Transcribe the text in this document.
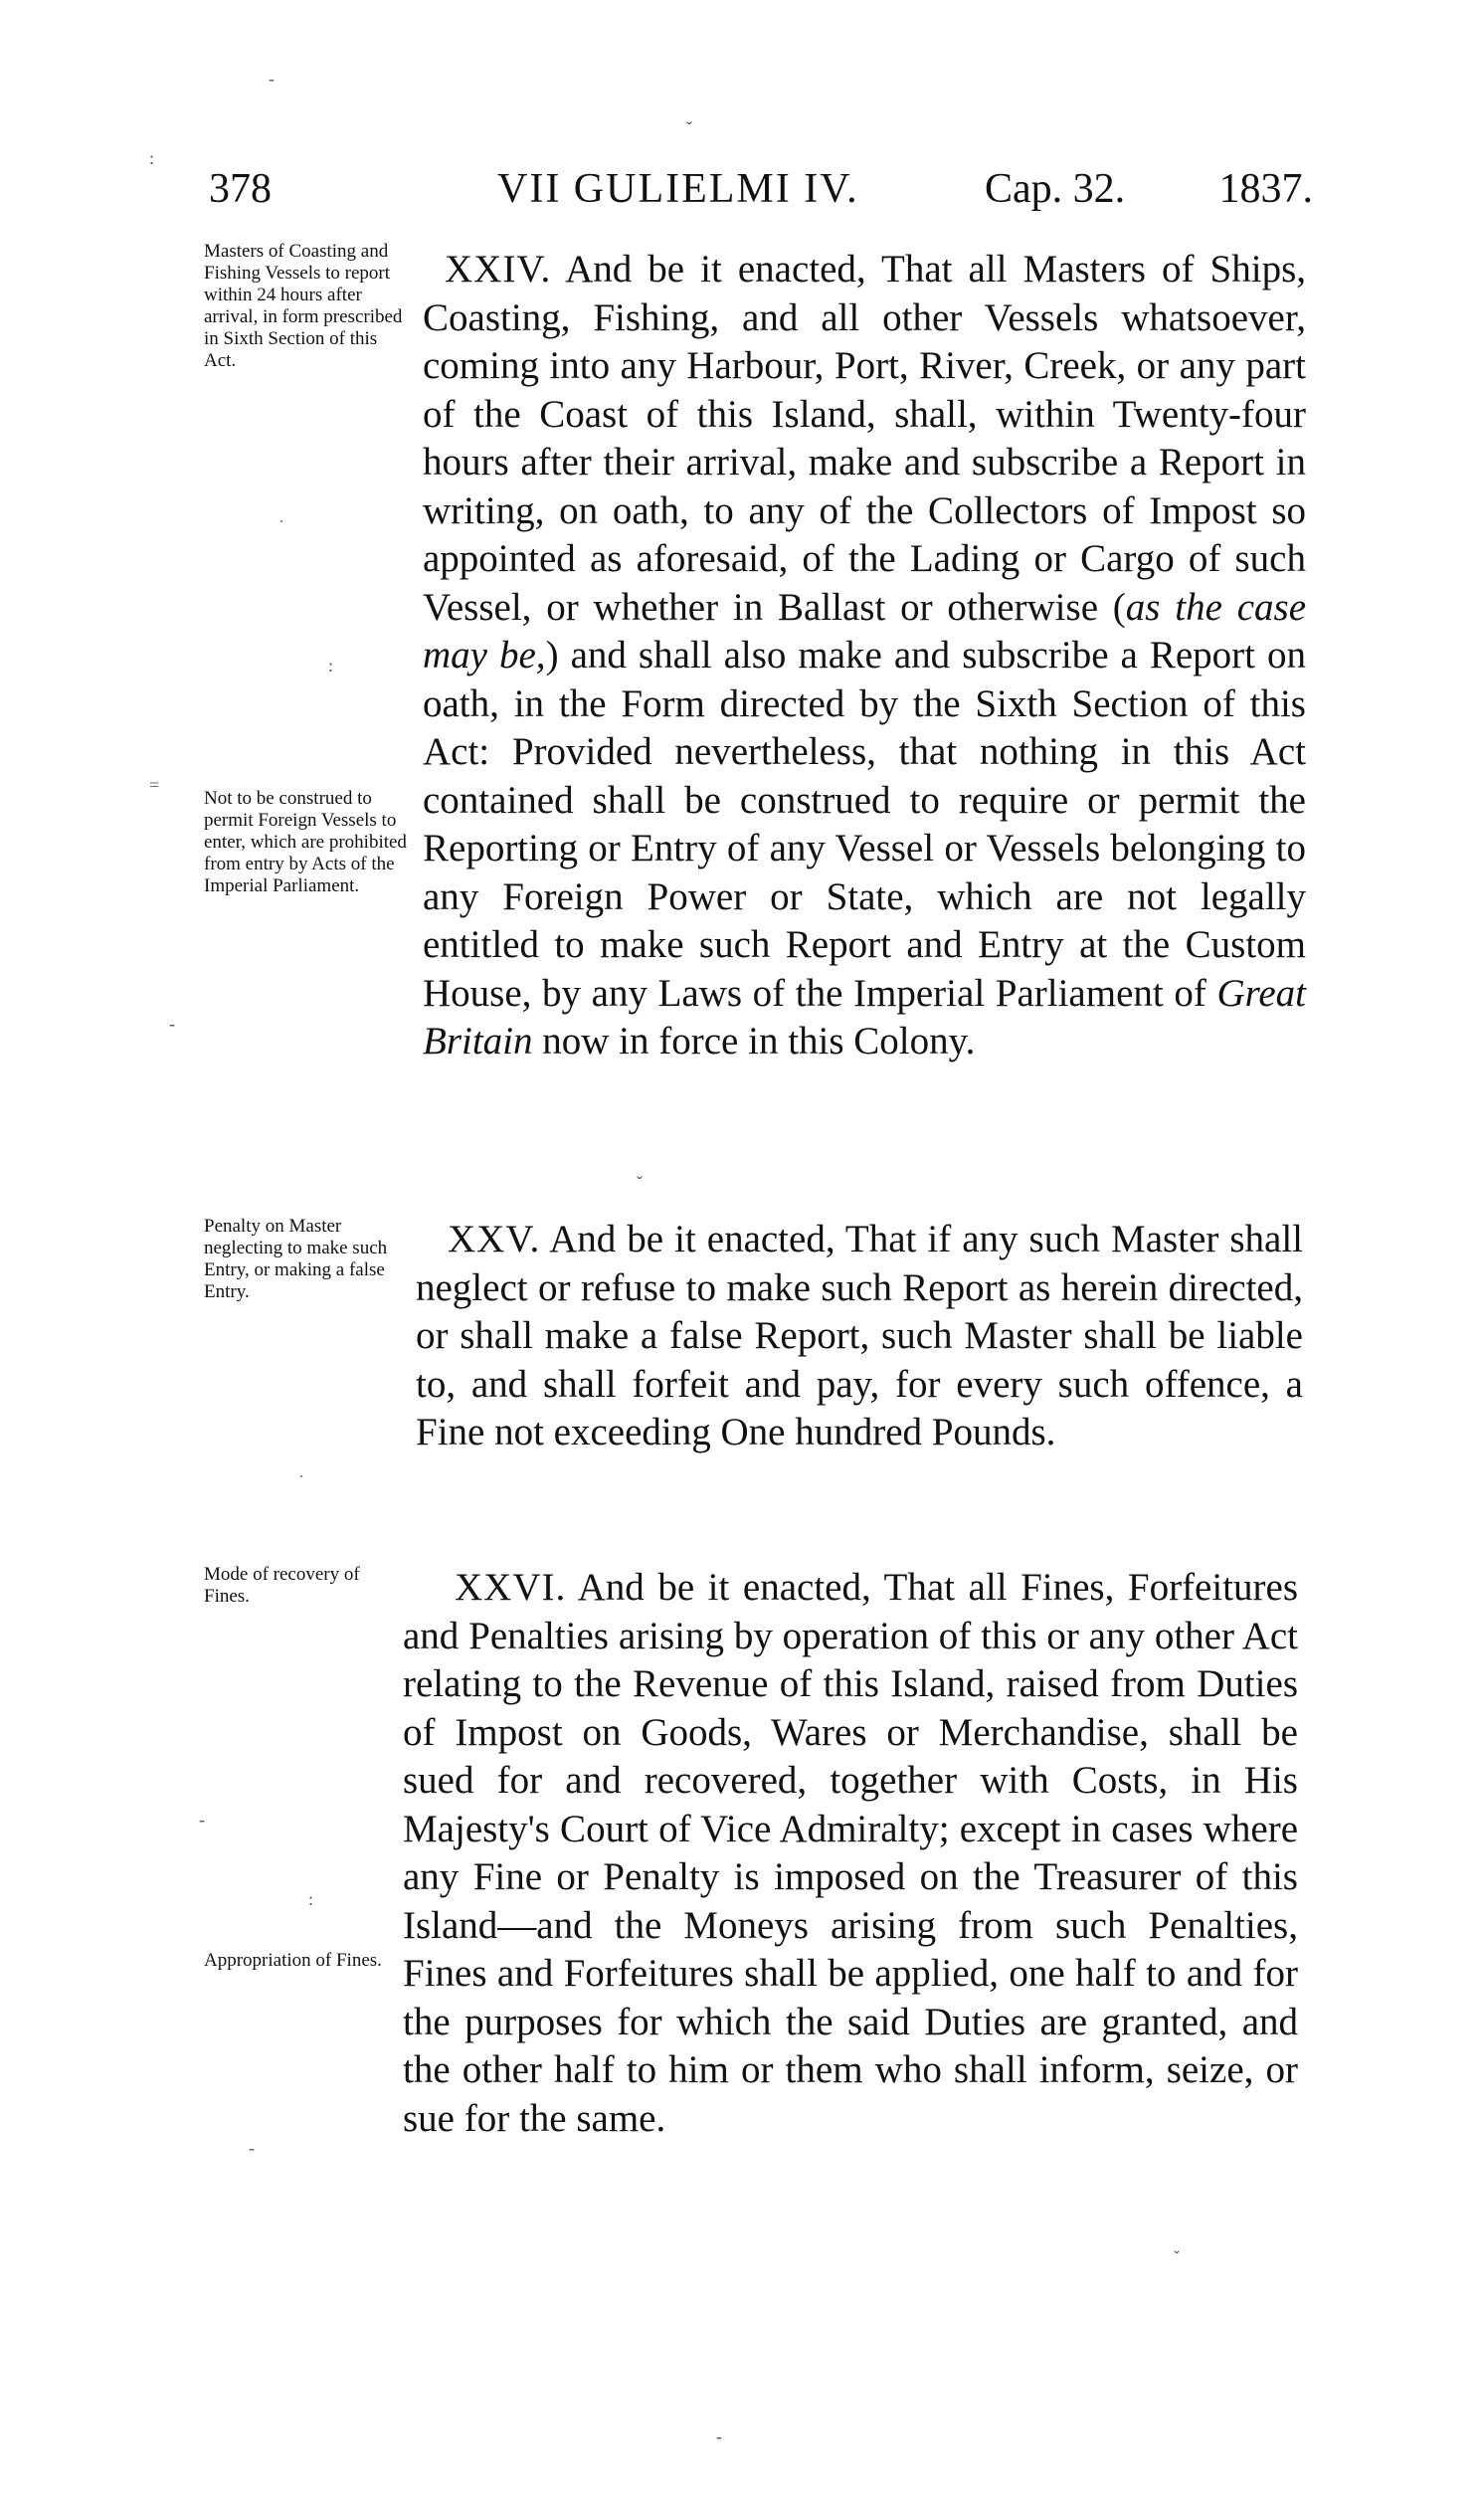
378	VII GULIELMI IV.	Cap. 32. 1837.
Masters of Coasting and Fishing Vessels to report within 24 hours after arrival, in form prescribed in Sixth Section of this Act.
Not to be construed to permit Foreign Vessels to enter, which are prohibited from entry by Acts of the Imperial Parliament.

XXIV. And be it enacted, That all Masters of Ships, Coasting, Fishing, and all other Vessels whatsoever, coming into any Harbour, Port, River, Creek, or any part of the Coast of this Island, shall, within Twenty-four hours after their arrival, make and subscribe a Report in writing, on oath, to any of the Collectors of Impost so appointed as aforesaid, of the Lading or Cargo of such Vessel, or whether in Ballast or otherwise (as the case may be,) and shall also make and subscribe a Report on oath, in the Form directed by the Sixth Section of this Act: Provided nevertheless, that nothing in this Act contained shall be construed to require or permit the Reporting or Entry of any Vessel or Vessels belonging to any Foreign Power or State, which are not legally entitled to make such Report and Entry at the Custom House, by any Laws of the Imperial Parliament of Great Britain now in force in this Colony.

Penalty on Master neglecting to make such Entry, or making a false Entry.

XXV. And be it enacted, That if any such Master shall neglect or refuse to make such Report as herein directed, or shall make a false Report, such Master shall be liable to, and shall forfeit and pay, for every such offence, a Fine not exceeding One hundred Pounds.

Mode of recovery of Fines.
Appropriation of Fines.

XXVI. And be it enacted, That all Fines, Forfeitures and Penalties arising by operation of this or any other Act relating to the Revenue of this Island, raised from Duties of Impost on Goods, Wares or Merchandise, shall be sued for and recovered, together with Costs, in His Majesty's Court of Vice Admiralty; except in cases where any Fine or Penalty is imposed on the Treasurer of this Island—and the Moneys arising from such Penalties, Fines and Forfeitures shall be applied, one half to and for the purposes for which the said Duties are granted, and the other half to him or them who shall inform, seize, or sue for the same.

-
ˇ
:
˙
:
=
-
ˇ
˙
-
:
-
ˇ
-
